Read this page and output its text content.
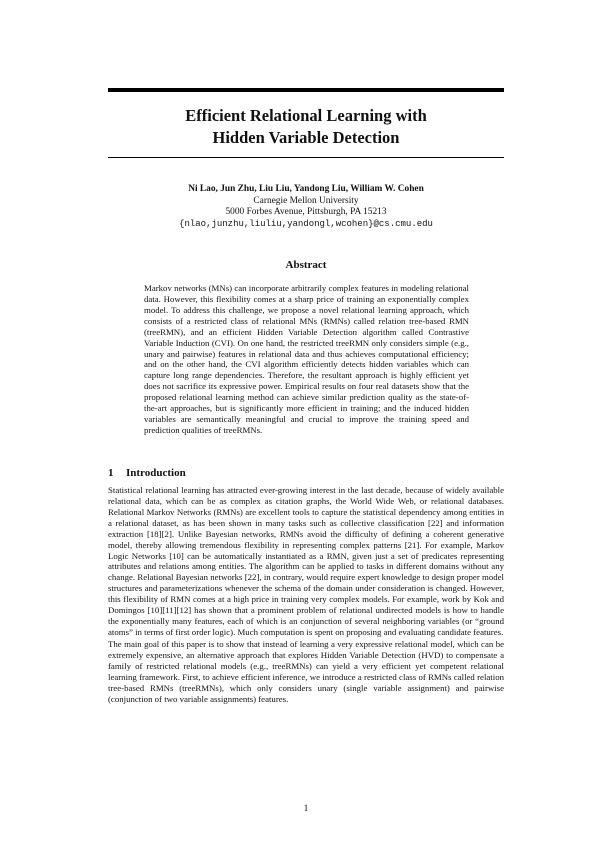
Efficient Relational Learning with
Hidden Variable Detection
Ni Lao, Jun Zhu, Liu Liu, Yandong Liu, William W. Cohen
Carnegie Mellon University
5000 Forbes Avenue, Pittsburgh, PA 15213
{nlao,junzhu,liuliu,yandongl,wcohen}@cs.cmu.edu
Abstract

Markov networks (MNs) can incorporate arbitrarily complex features in modeling relational data. However, this flexibility comes at a sharp price of training an exponentially complex model. To address this challenge, we propose a novel relational learning approach, which consists of a restricted class of relational MNs (RMNs) called relation tree-based RMN (treeRMN), and an efficient Hidden Variable Detection algorithm called Contrastive Variable Induction (CVI). On one hand, the restricted treeRMN only considers simple (e.g., unary and pairwise) features in relational data and thus achieves computational efficiency; and on the other hand, the CVI algorithm efficiently detects hidden variables which can capture long range dependencies. Therefore, the resultant approach is highly efficient yet does not sacrifice its expressive power. Empirical results on four real datasets show that the proposed relational learning method can achieve similar prediction quality as the state-of-the-art approaches, but is significantly more efficient in training; and the induced hidden variables are semantically meaningful and crucial to improve the training speed and prediction qualities of treeRMNs.

1 Introduction

Statistical relational learning has attracted ever-growing interest in the last decade, because of widely available relational data, which can be as complex as citation graphs, the World Wide Web, or relational databases. Relational Markov Networks (RMNs) are excellent tools to capture the statistical dependency among entities in a relational dataset, as has been shown in many tasks such as collective classification [22] and information extraction [18][2]. Unlike Bayesian networks, RMNs avoid the difficulty of defining a coherent generative model, thereby allowing tremendous flexibility in representing complex patterns [21]. For example, Markov Logic Networks [10] can be automatically instantiated as a RMN, given just a set of predicates representing attributes and relations among entities. The algorithm can be applied to tasks in different domains without any change. Relational Bayesian networks [22], in contrary, would require expert knowledge to design proper model structures and parameterizations whenever the schema of the domain under consideration is changed. However, this flexibility of RMN comes at a high price in training very complex models. For example, work by Kok and Domingos [10][11][12] has shown that a prominent problem of relational undirected models is how to handle the exponentially many features, each of which is an conjunction of several neighboring variables (or “ground atoms” in terms of first order logic). Much computation is spent on proposing and evaluating candidate features.

The main goal of this paper is to show that instead of learning a very expressive relational model, which can be extremely expensive, an alternative approach that explores Hidden Variable Detection (HVD) to compensate a family of restricted relational models (e.g., treeRMNs) can yield a very efficient yet competent relational learning framework. First, to achieve efficient inference, we introduce a restricted class of RMNs called relation tree-based RMNs (treeRMNs), which only considers unary (single variable assignment) and pairwise (conjunction of two variable assignments) features.

1
